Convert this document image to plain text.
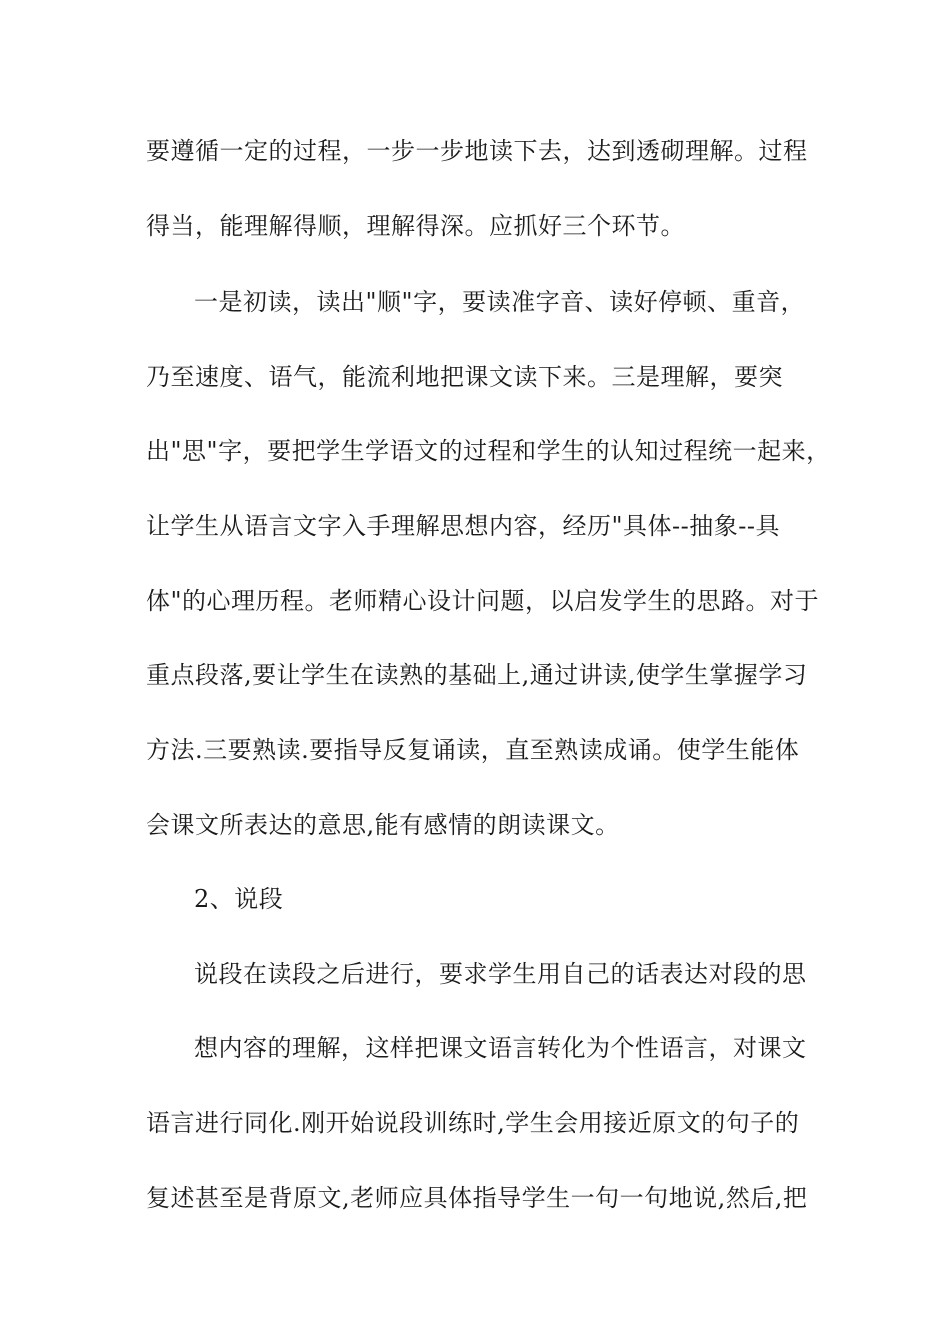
要遵循一定的过程，一步一步地读下去，达到透砌理解。过程
得当，能理解得顺，理解得深。应抓好三个环节。
一是初读，读出"顺"字，要读准字音、读好停顿、重音，
乃至速度、语气，能流利地把课文读下来。三是理解，要突
出"思"字，要把学生学语文的过程和学生的认知过程统一起来，
让学生从语言文字入手理解思想内容，经历"具体--抽象--具
体"的心理历程。老师精心设计问题，以启发学生的思路。对于
重点段落,要让学生在读熟的基础上,通过讲读,使学生掌握学习
方法.三要熟读.要指导反复诵读，直至熟读成诵。使学生能体
会课文所表达的意思,能有感情的朗读课文。
2、说段
说段在读段之后进行，要求学生用自己的话表达对段的思
想内容的理解，这样把课文语言转化为个性语言，对课文
语言进行同化.刚开始说段训练时,学生会用接近原文的句子的
复述甚至是背原文,老师应具体指导学生一句一句地说,然后,把
